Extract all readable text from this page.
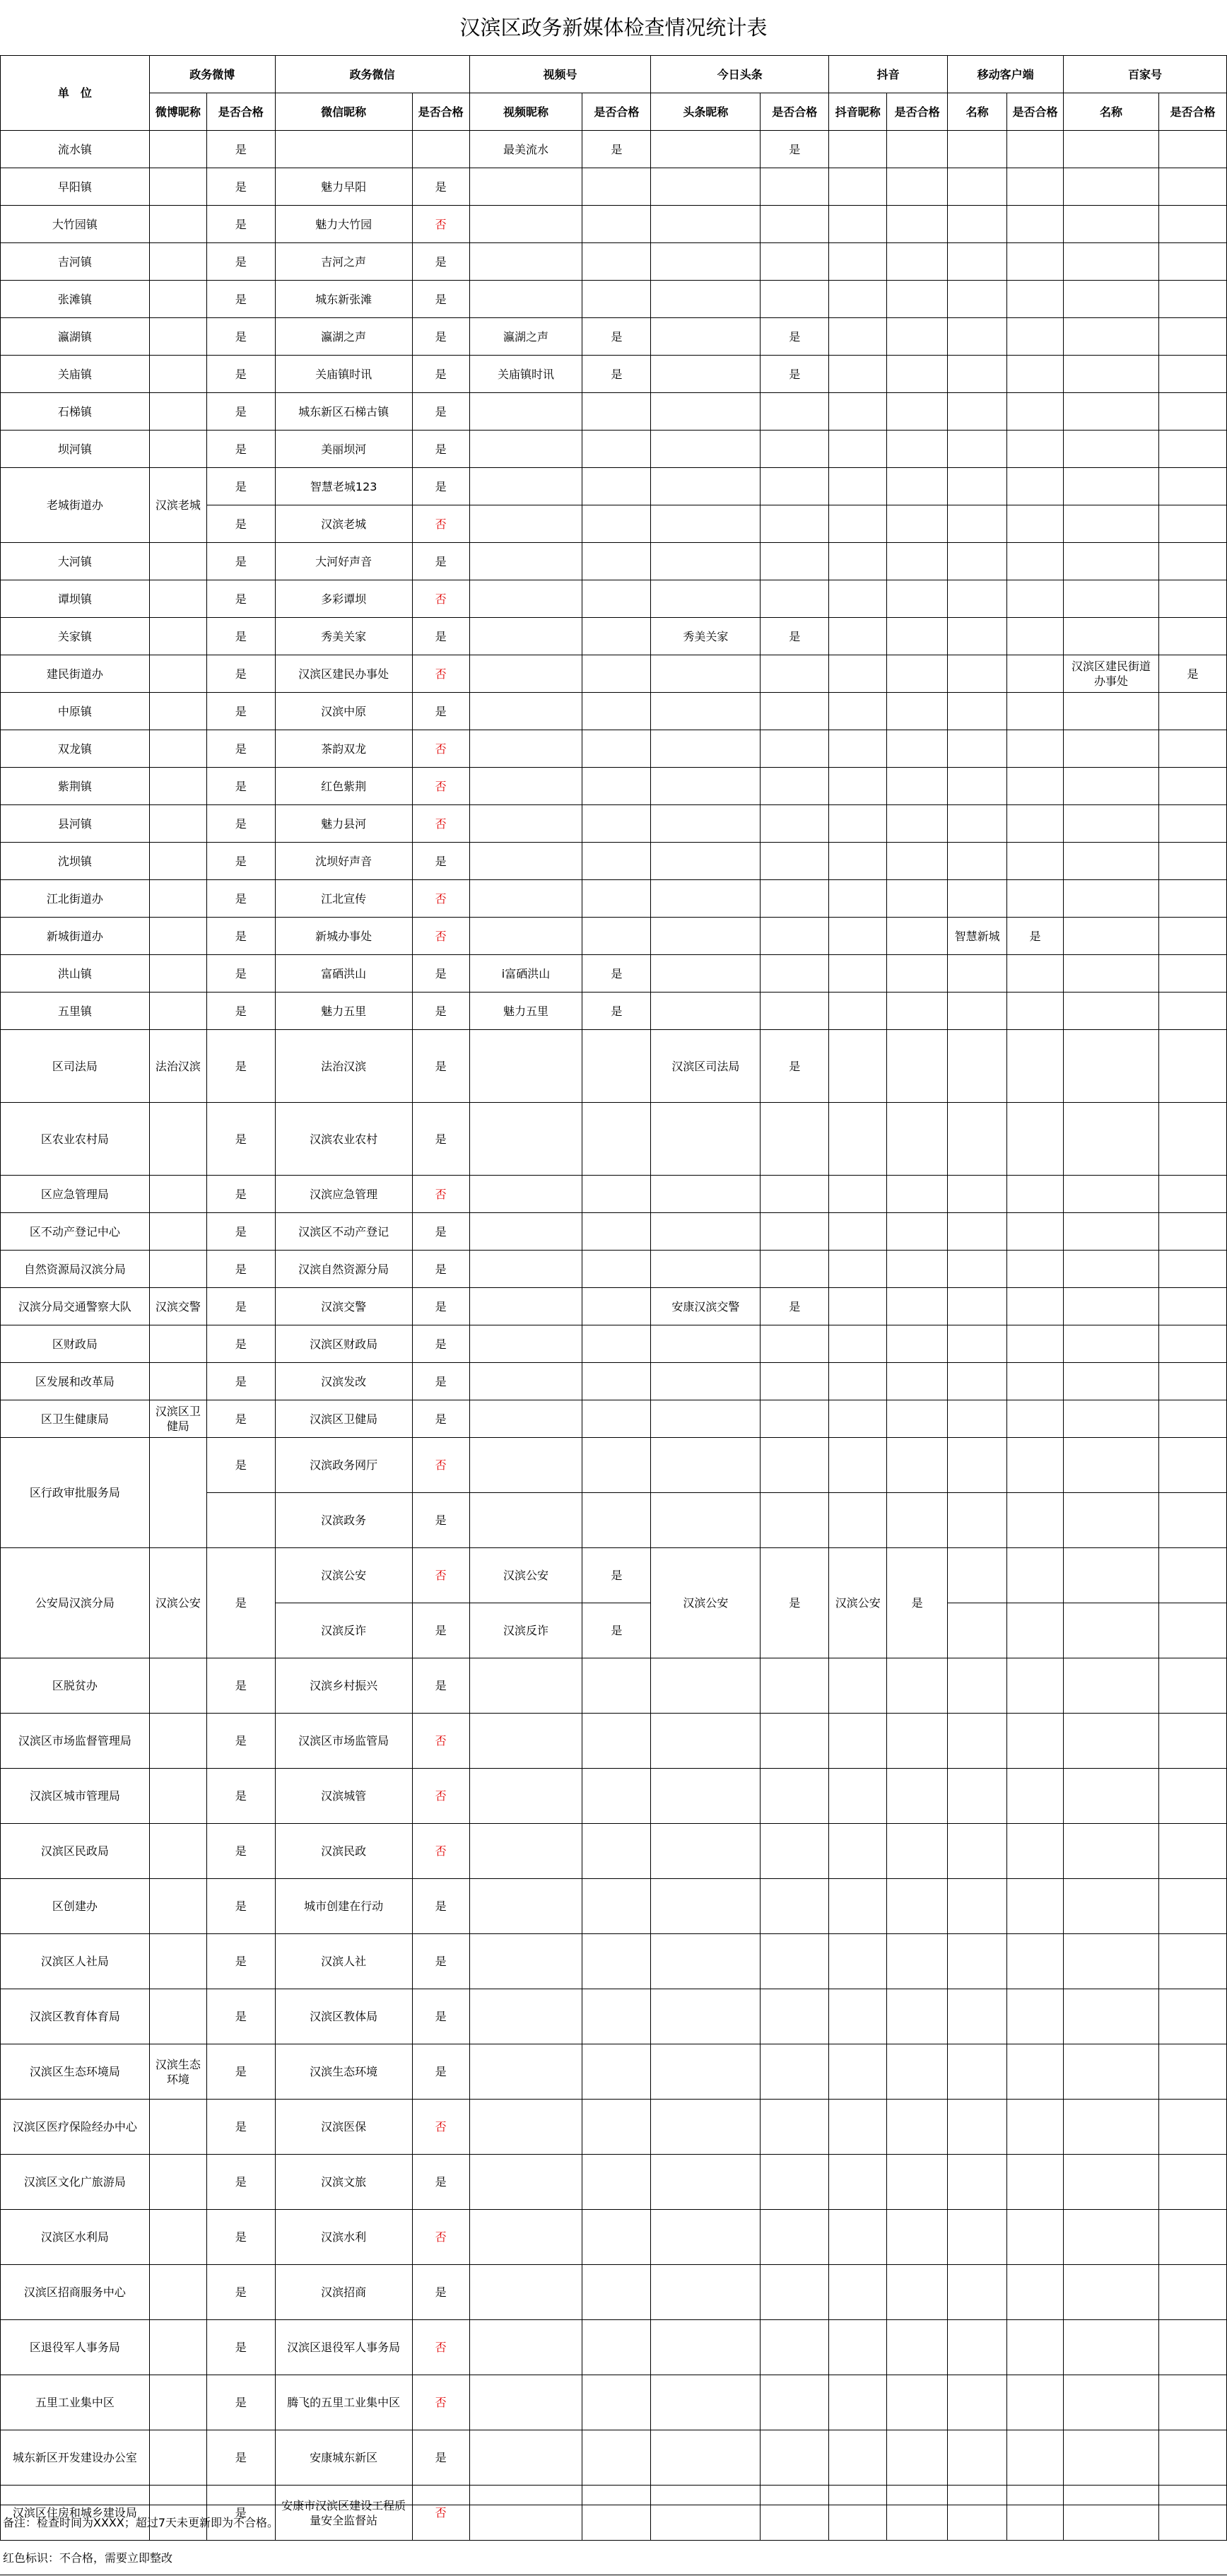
汉滨区政务新媒体检查情况统计表
单　位	政务微博		政务微信		视频号		今日头条		抖音		移动客户端		百家号	
	微博昵称	是否合格	微信昵称	是否合格	视频昵称	是否合格	头条昵称	是否合格	抖音昵称	是否合格	名称	是否合格	名称	是否合格
流水镇		是			最美流水	是		是						
早阳镇		是	魅力早阳	是										
大竹园镇		是	魅力大竹园	否										
吉河镇		是	吉河之声	是										
张滩镇		是	城东新张滩	是										
瀛湖镇		是	瀛湖之声	是	瀛湖之声	是		是						
关庙镇		是	关庙镇时讯	是	关庙镇时讯	是		是						
石梯镇		是	城东新区石梯古镇	是										
坝河镇		是	美丽坝河	是										
老城街道办	汉滨老城	是	智慧老城123	是										
		是	汉滨老城	否										
大河镇		是	大河好声音	是										
谭坝镇		是	多彩谭坝	否										
关家镇		是	秀美关家	是			秀美关家	是						
建民街道办		是	汉滨区建民办事处	否									汉滨区建民街道办事处	是
中原镇		是	汉滨中原	是										
双龙镇		是	茶韵双龙	否										
紫荆镇		是	红色紫荆	否										
县河镇		是	魅力县河	否										
沈坝镇		是	沈坝好声音	是										
江北街道办		是	江北宣传	否										
新城街道办		是	新城办事处	否							智慧新城	是		
洪山镇		是	富硒洪山	是	i富硒洪山	是								
五里镇		是	魅力五里	是	魅力五里	是								
区司法局	法治汉滨	是	法治汉滨	是			汉滨区司法局	是						
区农业农村局		是	汉滨农业农村	是										
区应急管理局		是	汉滨应急管理	否										
区不动产登记中心		是	汉滨区不动产登记	是										
自然资源局汉滨分局		是	汉滨自然资源分局	是										
汉滨分局交通警察大队	汉滨交警	是	汉滨交警	是			安康汉滨交警	是						
区财政局		是	汉滨区财政局	是										
区发展和改革局		是	汉滨发改	是										
区卫生健康局	汉滨区卫健局	是	汉滨区卫健局	是										
区行政审批服务局		是	汉滨政务网厅	否										
			汉滨政务	是										
公安局汉滨分局	汉滨公安	是	汉滨公安	否	汉滨公安	是	汉滨公安	是	汉滨公安	是				
			汉滨反诈	是	汉滨反诈	是								
区脱贫办		是	汉滨乡村振兴	是										
汉滨区市场监督管理局		是	汉滨区市场监管局	否										
汉滨区城市管理局		是	汉滨城管	否										
汉滨区民政局		是	汉滨民政	否										
区创建办		是	城市创建在行动	是										
汉滨区人社局		是	汉滨人社	是										
汉滨区教育体育局		是	汉滨区教体局	是										
汉滨区生态环境局	汉滨生态环境	是	汉滨生态环境	是										
汉滨区医疗保险经办中心		是	汉滨医保	否										
汉滨区文化广旅游局		是	汉滨文旅	是										
汉滨区水利局		是	汉滨水利	否										
汉滨区招商服务中心		是	汉滨招商	是										
区退役军人事务局		是	汉滨区退役军人事务局	否										
五里工业集中区		是	腾飞的五里工业集中区	否										
城东新区开发建设办公室		是	安康城东新区	是										
汉滨区住房和城乡建设局		是	安康市汉滨区建设工程质量安全监督站	否										
备注：检查时间为XXXX；超过7天未更新即为不合格。
红色标识：不合格，需要立即整改
